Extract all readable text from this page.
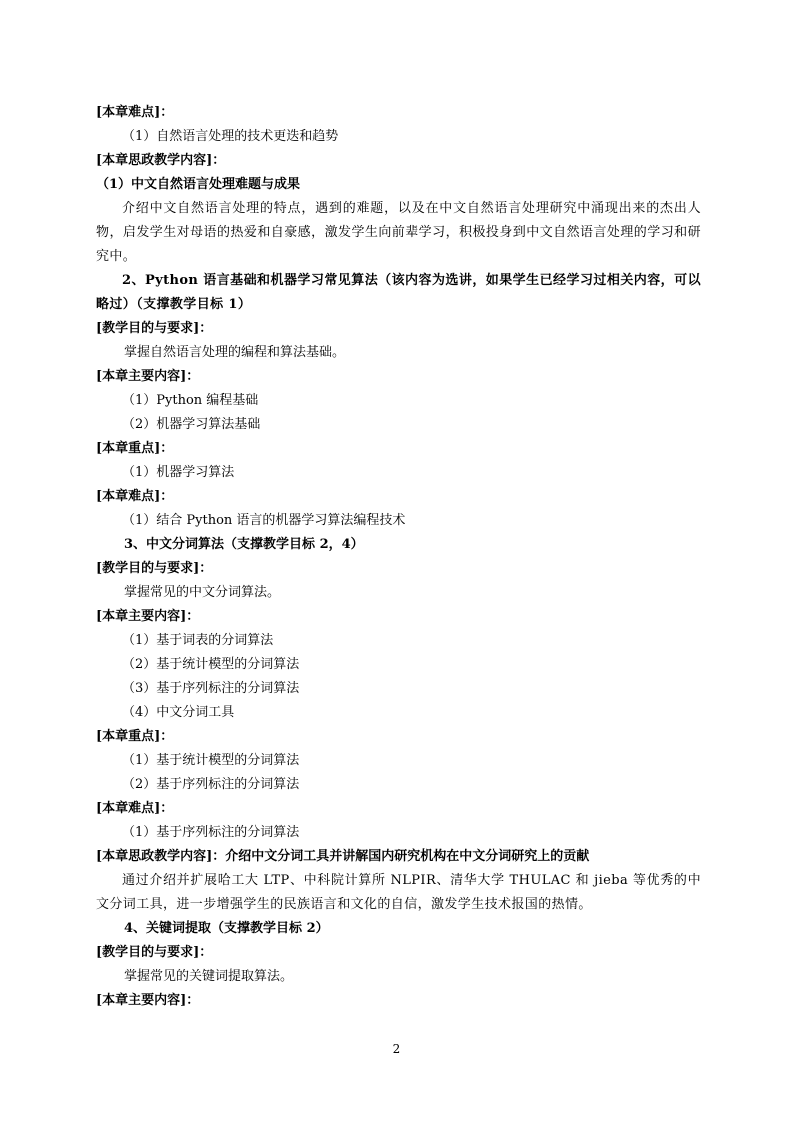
[本章难点]：
（1）自然语言处理的技术更迭和趋势
[本章思政教学内容]：
（1）中文自然语言处理难题与成果
介绍中文自然语言处理的特点，遇到的难题，以及在中文自然语言处理研究中涌现出来的杰出人物，启发学生对母语的热爱和自豪感，激发学生向前辈学习，积极投身到中文自然语言处理的学习和研究中。
2、Python 语言基础和机器学习常见算法（该内容为选讲，如果学生已经学习过相关内容，可以略过）（支撑教学目标 1）
[教学目的与要求]：
掌握自然语言处理的编程和算法基础。
[本章主要内容]：
（1）Python 编程基础
（2）机器学习算法基础
[本章重点]：
（1）机器学习算法
[本章难点]：
（1）结合 Python 语言的机器学习算法编程技术
3、中文分词算法（支撑教学目标 2，4）
[教学目的与要求]：
掌握常见的中文分词算法。
[本章主要内容]：
（1）基于词表的分词算法
（2）基于统计模型的分词算法
（3）基于序列标注的分词算法
（4）中文分词工具
[本章重点]：
（1）基于统计模型的分词算法
（2）基于序列标注的分词算法
[本章难点]：
（1）基于序列标注的分词算法
[本章思政教学内容]：介绍中文分词工具并讲解国内研究机构在中文分词研究上的贡献
通过介绍并扩展哈工大 LTP、中科院计算所 NLPIR、清华大学 THULAC 和 jieba 等优秀的中文分词工具，进一步增强学生的民族语言和文化的自信，激发学生技术报国的热情。
4、关键词提取（支撑教学目标 2）
[教学目的与要求]：
掌握常见的关键词提取算法。
[本章主要内容]：
2
